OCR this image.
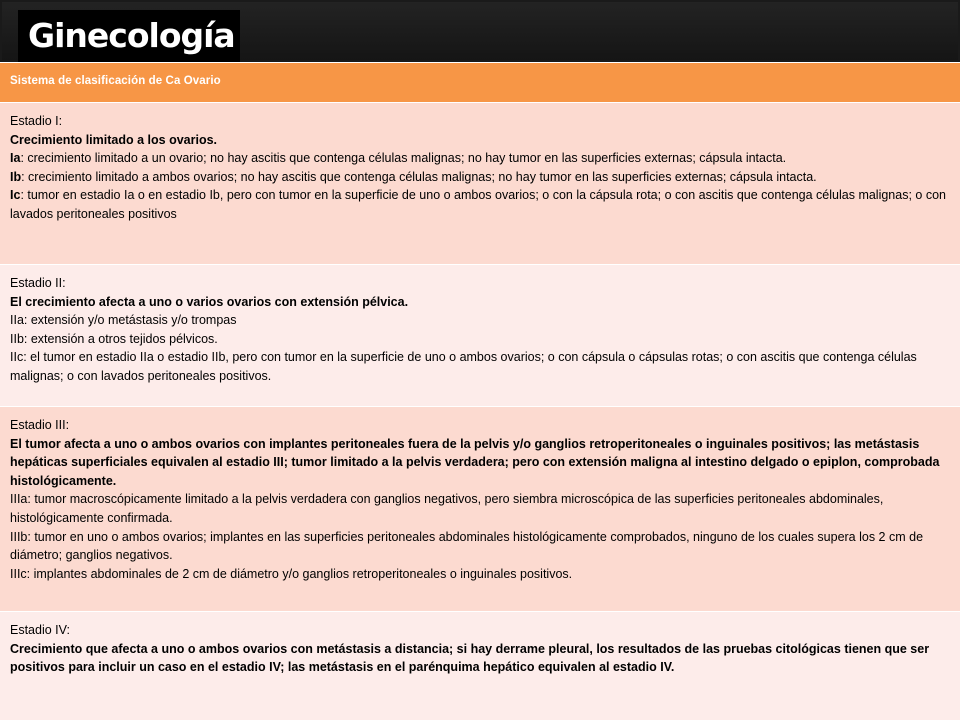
Ginecología
Sistema de clasificación de Ca Ovario

Estadio I:

Crecimiento limitado a los ovarios.

Ia: crecimiento limitado a un ovario; no hay ascitis que contenga células malignas; no hay tumor en las superficies externas; cápsula intacta.

Ib: crecimiento limitado a ambos ovarios; no hay ascitis que contenga células malignas; no hay tumor en las superficies externas; cápsula intacta.

Ic: tumor en estadio Ia o en estadio Ib, pero con tumor en la superficie de uno o ambos ovarios; o con la cápsula rota; o con ascitis que contenga células malignas; o con lavados peritoneales positivos

Estadio II:

El crecimiento afecta a uno o varios ovarios con extensión pélvica.

IIa: extensión y/o metástasis y/o trompas

IIb: extensión a otros tejidos pélvicos.

IIc: el tumor en estadio IIa o estadio IIb, pero con tumor en la superficie de uno o ambos ovarios; o con cápsula o cápsulas rotas; o con ascitis que contenga células malignas; o con lavados peritoneales positivos.

Estadio III:

El tumor afecta a uno o ambos ovarios con implantes peritoneales fuera de la pelvis y/o ganglios retroperitoneales o inguinales positivos; las metástasis hepáticas superficiales equivalen al estadio III; tumor limitado a la pelvis verdadera; pero con extensión maligna al intestino delgado o epiplon, comprobada histológicamente.

IIIa: tumor macroscópicamente limitado a la pelvis verdadera con ganglios negativos, pero siembra microscópica de las superficies peritoneales abdominales, histológicamente confirmada.

IIIb: tumor en uno o ambos ovarios; implantes en las superficies peritoneales abdominales histológicamente comprobados, ninguno de los cuales supera los 2 cm de diámetro; ganglios negativos.

IIIc: implantes abdominales de 2 cm de diámetro y/o ganglios retroperitoneales o inguinales positivos.

Estadio IV:

Crecimiento que afecta a uno o ambos ovarios con metástasis a distancia; si hay derrame pleural, los resultados de las pruebas citológicas tienen que ser positivos para incluir un caso en el estadio IV; las metástasis en el parénquima hepático equivalen al estadio IV.
